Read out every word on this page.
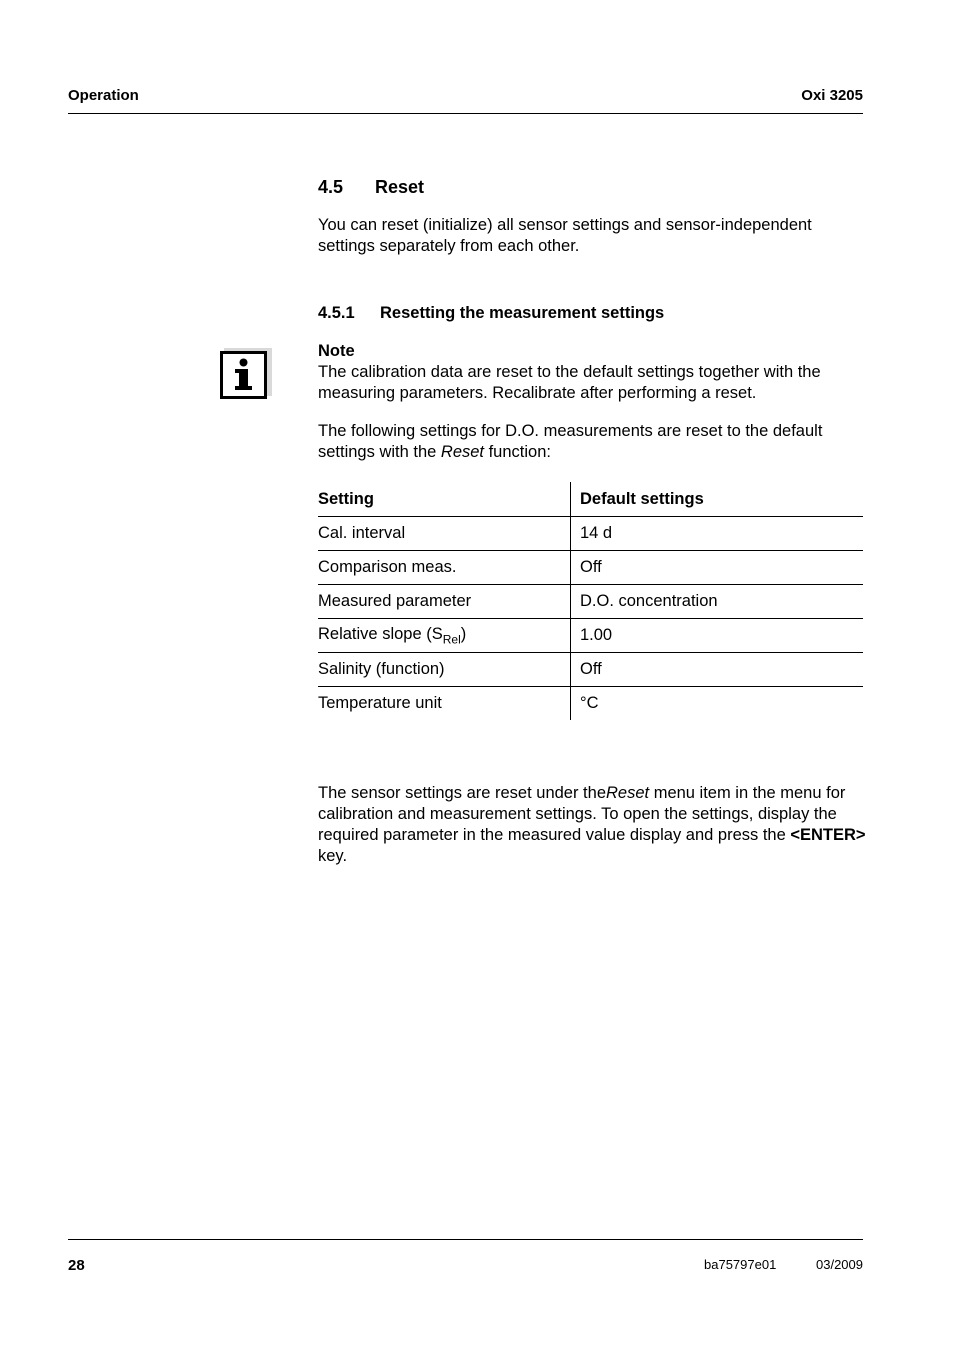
Operation	Oxi 3205
4.5 Reset
You can reset (initialize) all sensor settings and sensor-independent settings separately from each other.
4.5.1 Resetting the measurement settings
Note
The calibration data are reset to the default settings together with the measuring parameters. Recalibrate after performing a reset.
The following settings for D.O. measurements are reset to the default settings with the Reset function:
Setting	Default settings
Cal. interval	14 d
Comparison meas.	Off
Measured parameter	D.O. concentration
Relative slope $(S_{Rel})$	1.00
Salinity (function)	Off
Temperature unit	°C
The sensor settings are reset under theReset menu item in the menu for calibration and measurement settings. To open the settings, display the required parameter in the measured value display and press the <ENTER> key.
28	ba75797e01	03/2009
